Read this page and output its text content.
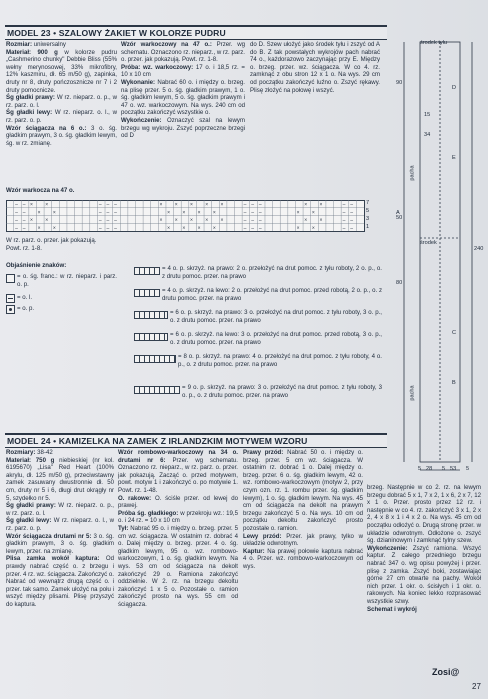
MODEL 23 • SZALOWY ŻAKIET W KOLORZE PUDRU

Rozmiar: uniwersalny

Materiał: 900 g w kolorze pudru „Cashmerino chunky" Debbie Bliss (55% wełny merynosowej, 33% mikrofibry, 12% kaszmiru, dł. 65 m/50 g), zapinka, druty nr 8, druty pończosznicze nr 7 i 2 druty pomocnicze.

Śg gładki prawy: W rz. nieparz. o. p., w rz. parz. o. l.

Śg gładki lewy: W rz. nieparz. o. l., w rz. parz. o. p.

Wzór ściągacza na 6 o.: 3 o. śg. gładkim prawym, 3 o. śg. gładkim lewym, śg. w rz. zmianę.

Wzór warkoczowy na 47 o.: Przer. wg schematu. Oznaczono rz. nieparz., w rz. parz. o. przer. jak pokazują. Powt. rz. 1-8.

Próba: wz. warkoczowy: 17 o. i 18,5 rz. = 10 x 10 cm

Wykonanie: Nabrać 60 o. i między o. brzeg. na plisę przer. 5 o. śg. gładkim prawym, 1 o. śg. gładkim lewym, 5 o. śg. gładkim prawym i 47 o. wz. warkoczowym. Na wys. 240 cm od początku zakończyć wszystkie o.

Wykończenie: Oznaczyć szal na lewym brzegu wg wykroju. Zszyć poprzeczne brzegi od D

do D. Szew ułożyć jako środek tyłu i zszyć od A do B. Z tak powstałych wykrojów pach nabrać 74 o., każdorazowo zaczynając przy E. Między o. brzeg. przer. wz. ściągacza. W co 4. rz. zamknąć z obu stron 12 x 1 o. Na wys. 29 cm od początku zakończyć luźno o. Zszyć rękawy. Plisę złożyć na połowę i wszyć.

Wzór warkocza na 47 o.
× ×	× × × × ×	× ×
× ×	× × × ×	× ×
× ×	× × × × ×	× ×
× ×	× × × ×	× ×
– –	– – –	– – –	– –
– –	– – –	– – –	– –
– –	– – –	– – –	– –
– –	– – –	– – –	– –
7
5
3
1

W rz. parz. o. przer. jak pokazują.

Powt. rz. 1-8.

Objaśnienie znaków:
= o. śg. franc.: w rz. nieparz. i parz. o. p.
= o. l.
= o. p.
= 4 o. p. skrzyż. na prawo: 2 o. przełożyć na drut pomoc. z tyłu roboty, 2 o. p., o. z drutu pomoc. przer. na prawo
= 4 o. p. skrzyż. na lewo: 2 o. przełożyć na drut pomoc. przed robotą, 2 o. p., o. z drutu pomoc. przer. na prawo
= 6 o. p. skrzyż. na prawo: 3 o. przełożyć na drut pomoc. z tyłu roboty, 3 o. p., o. z drutu pomoc. przer. na prawo
= 6 o. p. skrzyż. na lewo: 3 o. przełożyć na drut pomoc. przed robotą, 3 o. p., o. z drutu pomoc. przer. na prawo
= 8 o. p. skrzyż. na prawo: 4 o. przełożyć na drut pomoc. z tyłu roboty, 4 o. p., o. z drutu pomoc. przer. na prawo
= 9 o. p. skrzyż. na prawo: 3 o. przełożyć na drut pomoc. z tyłu roboty, 3 o. p., o. z drutu pomoc. przer. na prawo
środek tyłu
środek
pacha
pacha
A
B
C
D
E
15
34
90
50
240
80
28	53
5	5	5
MODEL 24 • KAMIZELKA NA ZAMEK Z IRLANDZKIM MOTYWEM WZORU

Rozmiary: 38-42

Materiał: 750 g niebieskiej (nr kol. 6195670) „Lisa" Red Heart (100% akrylu, dł. 125 m/50 g), przeciwstawny zamek zasuwany dwustronnie dł. 50 cm, druty nr 5 i 6, długi drut okrągły nr 5, szydełko nr 5.

Śg gładki prawy: W rz. nieparz. o. p., w rz. parz. o. l.

Śg gładki lewy: W rz. nieparz. o. l., w rz. parz. o. p.

Wzór ściągacza drutami nr 5: 3 o. śg. gładkim prawym, 3 o. śg. gładkim lewym, przer. na zmianę.

Plisa zamka wokół kaptura: Od prawdy nabrać część o. z brzegu i przer. 4 rz. wz. ściągacza. Zakończyć o. Nabrać od wewnątrz drugą część o. i przer. tak samo. Zamek ułożyć na połu i wszyć między plisami. Plisę przyszyć do kaptura.

Wzór rombowo-warkoczowy na 34 o. drutami nr 6: Przer. wg schematu. Oznaczono rz. nieparz., w rz. parz. o. przer. jak pokazują. Zacząć o. przed motywem, powt. motyw 1 i zakończyć o. po motywie 1. Powt. rz. 1-48.

O. rakowe: O. ściśle przer. od lewej do prawej.

Próba śg. gładkiego: w przekroju wz.: 19,5 o. i 24 rz. = 10 x 10 cm

Tył: Nabrać 95 o. i między o. brzeg. przer. 5 cm wz. ściągacza. W ostatnim rz. dobrać 4 o. Dalej między o. brzeg. przer. 4 o. śg. gładkim lewym, 95 o. wz. rombowo-warkoczowym, 1 o. śg. gładkim lewym. Na wys. 53 cm od ściągacza na dekolt zakończyć 29 o. Ramiona zakończyć oddzielnie. W 2. rz. na brzegu dekoltu zakończyć 1 x 5 o. Pozostałe o. ramion zakończyć prosto na wys. 55 cm od ściągacza.

Prawy przód: Nabrać 50 o. i między o. brzeg. przer. 5 cm wz. ściągacza. W ostatnim rz. dobrać 1 o. Dalej między o. brzeg. przer. 6 o. śg. gładkim lewym, 42 o. wz. rombowo-warkoczowym (motyw 2, przy czym ozn. rz. 1. rombu przer. śg. gładkim lewym), 1 o. śg. gładkim lewym. Na wys. 45 cm od ściągacza na dekolt na prawym brzegu zakończyć 5 o. Na wys. 10 cm od początku dekoltu zakończyć prosto pozostałe o. ramion.

Lewy przód: Przer. jak prawy, tylko w układzie odwrotnym.

Kaptur: Na prawej połowie kaptura nabrać 4 o. Przer. wz. rombowo-warkoczowym od wys.

brzeg. Następnie w co 2. rz. na lewym brzegu dobrać 5 x 1, 7 x 2, 1 x 6, 2 x 7, 12 x 1 o. Przer. prosto przez 12 rz. i następnie w co 4. rz. zakończyć 3 x 1, 2 x 2, 4 x 8 x 1 i 4 x 2 o. Na wys. 45 cm od początku odłożyć o. Drugą stronę przer. w układzie odwrotnym. Odłożone o. zszyć śg. dzianinowym i zamknąć tylny szew.

Wykończenie: Zszyć ramiona. Wszyć kaptur. Z całego przedniego brzegu nabrać 347 o. wg opisu powyżej i przer. plisę z zamka. Zszyć boki, zostawiając górne 27 cm otwarte na pachy. Wokół nich przer. 1 okr. o. ścisłych i 1 okr. o. rakowych. Na koniec lekko rozprasować wszystkie szwy.

Schemat i wykrój

Zosi@
27
